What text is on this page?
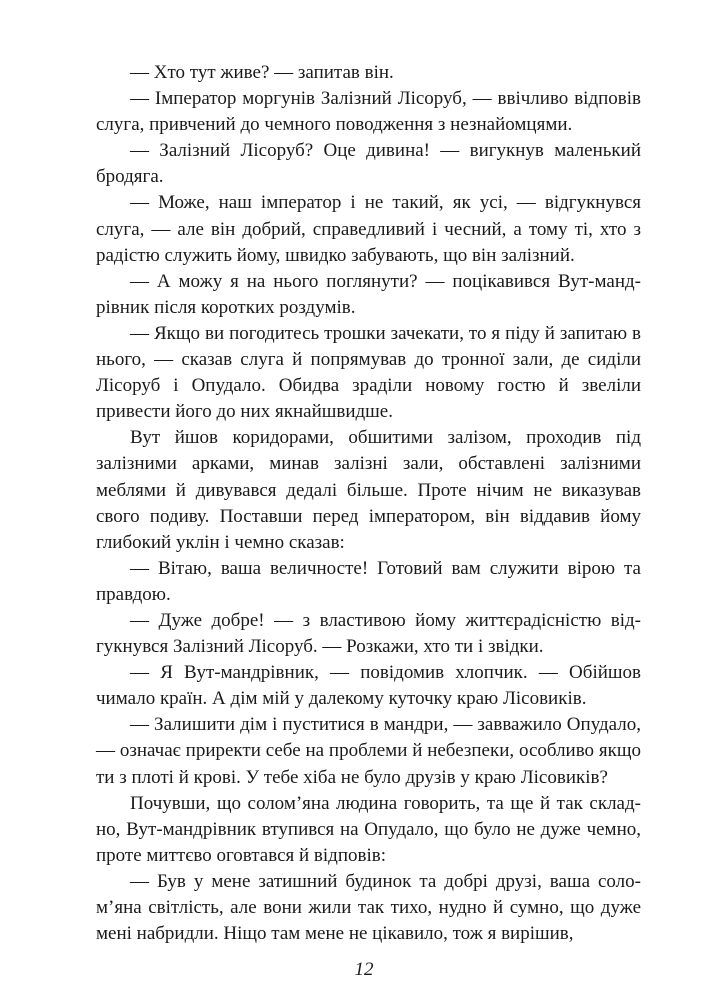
— Хто тут живе? — запитав він.

— Імператор моргунів Залізний Лісоруб, — ввічливо відповів слуга, привчений до чемного поводження з незнайомцями.

— Залізний Лісоруб? Оце дивина! — вигукнув маленький бродяга.

— Може, наш імператор і не такий, як усі, — відгукнувся слуга, — але він добрий, справедливий і чесний, а тому ті, хто з радістю служить йому, швидко забувають, що він залізний.

— А можу я на нього поглянути? — поцікавився Вут-мандрівник після коротких роздумів.

— Якщо ви погодитесь трошки зачекати, то я піду й запитаю в нього, — сказав слуга й попрямував до тронної зали, де сиділи Лісоруб і Опудало. Обидва зраділи новому гостю й звеліли привести його до них якнайшвидше.

Вут йшов коридорами, обшитими залізом, проходив під залізними арками, минав залізні зали, обставлені залізними меблями й дивувався дедалі більше. Проте нічим не виказував свого подиву. Поставши перед імператором, він віддавив йому глибокий уклін і чемно сказав:

— Вітаю, ваша величносте! Готовий вам служити вірою та правдою.

— Дуже добре! — з властивою йому життєрадісністю відгукнувся Залізний Лісоруб. — Розкажи, хто ти і звідки.

— Я Вут-мандрівник, — повідомив хлопчик. — Обійшов чимало країн. А дім мій у далекому куточку краю Лісовиків.

— Залишити дім і пуститися в мандри, — завважило Опудало, — означає приректи себе на проблеми й небезпеки, особливо якщо ти з плоті й крові. У тебе хіба не було друзів у краю Лісовиків?

Почувши, що солом’яна людина говорить, та ще й так складно, Вут-мандрівник втупився на Опудало, що було не дуже чемно, проте миттєво оговтався й відповів:

— Був у мене затишний будинок та добрі друзі, ваша солом’яна світлість, але вони жили так тихо, нудно й сумно, що дуже мені набридли. Ніщо там мене не цікавило, тож я вирішив,

12
